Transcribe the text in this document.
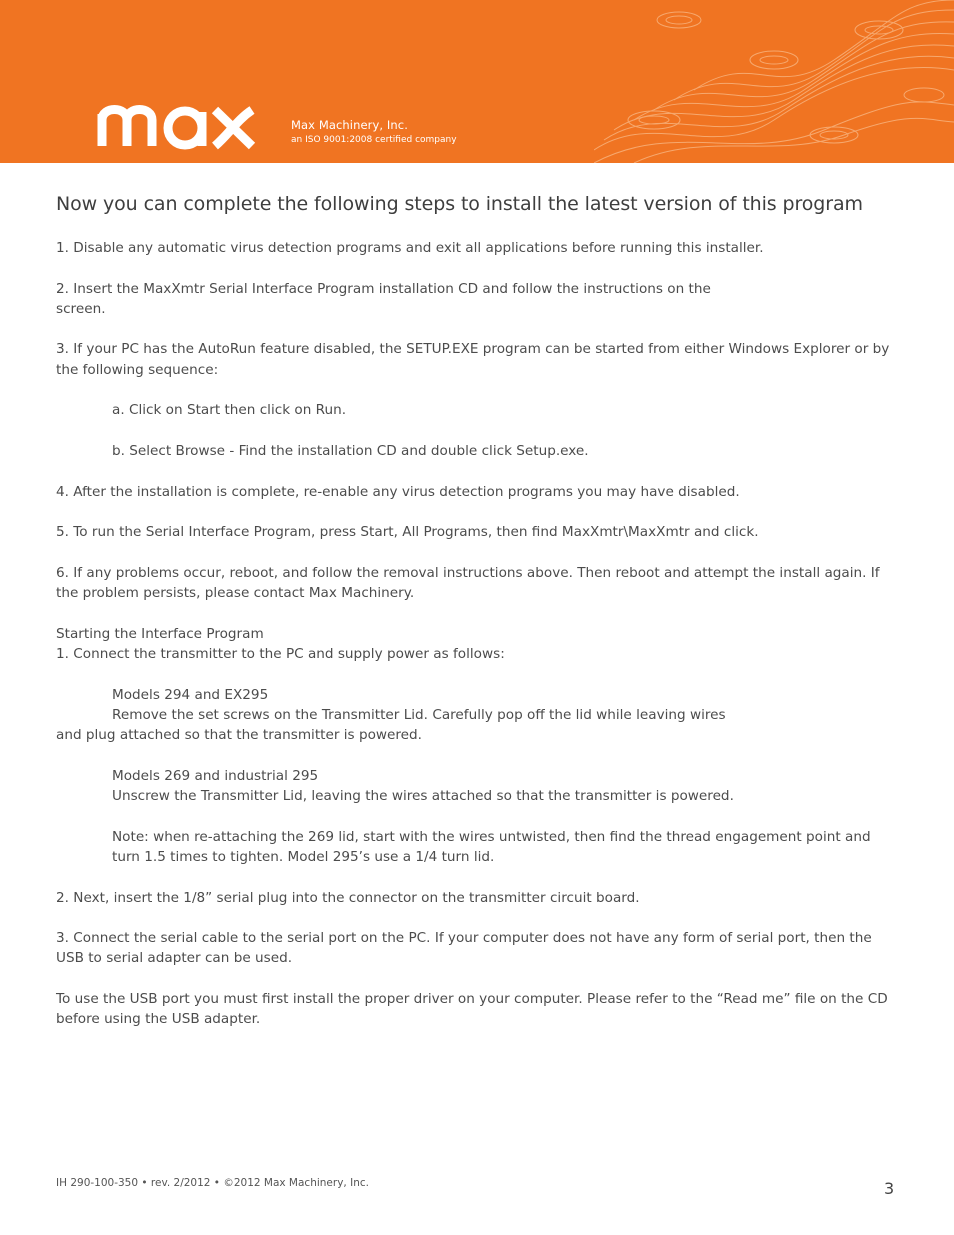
Max Machinery, Inc.
an ISO 9001:2008 certified company
Now you can complete the following steps to install the latest version of this program

1. Disable any automatic virus detection programs and exit all applications before running this installer.

2. Insert the MaxXmtr Serial Interface Program installation CD and follow the instructions on the
screen.

3. If your PC has the AutoRun feature disabled, the SETUP.EXE program can be started from either Windows Explorer or by the following sequence:

a. Click on Start then click on Run.

b. Select Browse - Find the installation CD and double click Setup.exe.

4. After the installation is complete, re-enable any virus detection programs you may have disabled.

5. To run the Serial Interface Program, press Start, All Programs, then find MaxXmtr\MaxXmtr and click.

6. If any problems occur, reboot, and follow the removal instructions above. Then reboot and attempt the install again. If the problem persists, please contact Max Machinery.

Starting the Interface Program

1. Connect the transmitter to the PC and supply power as follows:

Models 294 and EX295

Remove the set screws on the Transmitter Lid. Carefully pop off the lid while leaving wires
and plug attached so that the transmitter is powered.

Models 269 and industrial 295

Unscrew the Transmitter Lid, leaving the wires attached so that the transmitter is powered.

Note: when re-attaching the 269 lid, start with the wires untwisted, then find the thread engagement point and turn 1.5 times to tighten. Model 295’s use a 1/4 turn lid.

2. Next, insert the 1/8” serial plug into the connector on the transmitter circuit board.

3. Connect the serial cable to the serial port on the PC. If your computer does not have any form of serial port, then the USB to serial adapter can be used.

To use the USB port you must first install the proper driver on your computer. Please refer to the “Read me” file on the CD before using the USB adapter.

IH 290-100-350 • rev. 2/2012 • ©2012 Max Machinery, Inc.	3
